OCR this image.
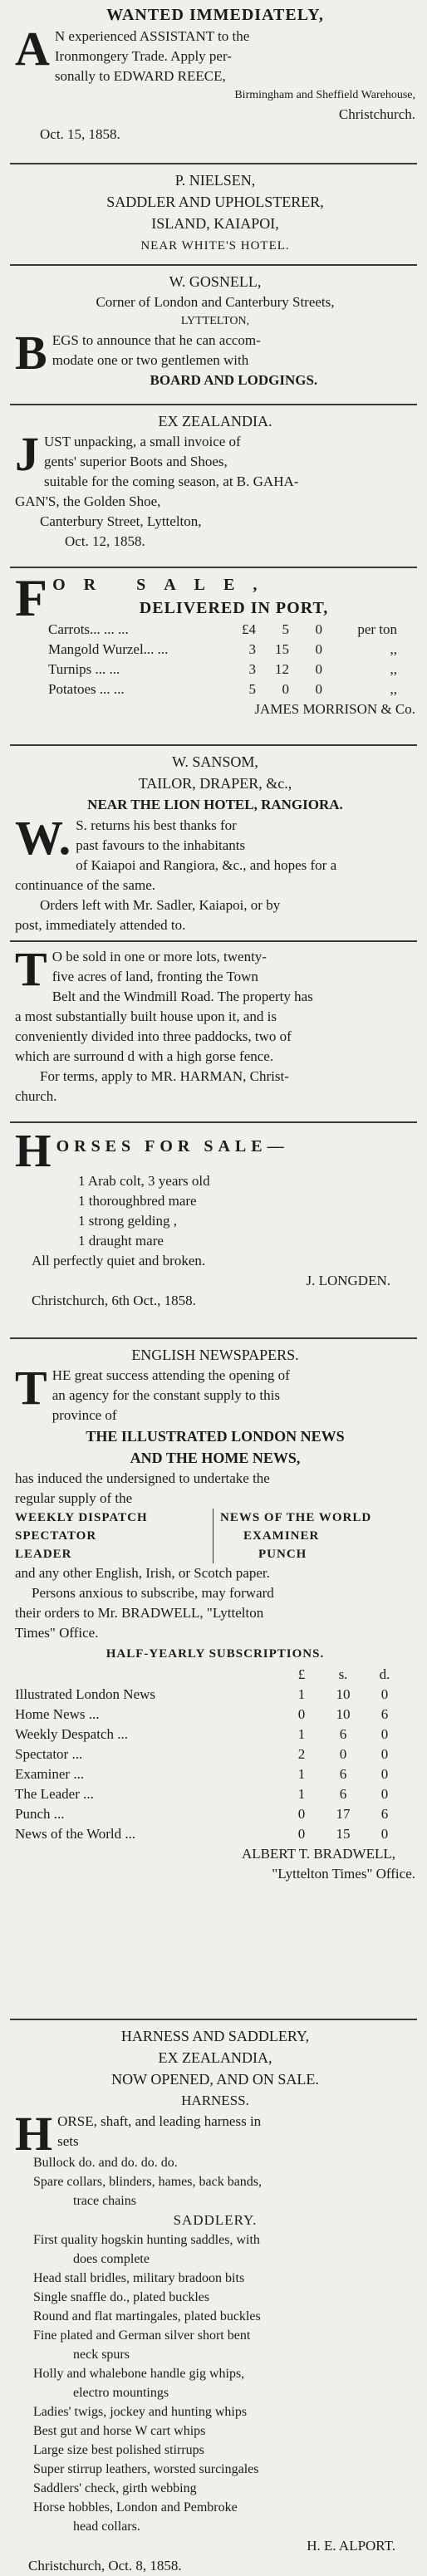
WANTED IMMEDIATELY,

A N experienced ASSISTANT to the

Ironmongery Trade. Apply per-

sonally to EDWARD REECE,

Birmingham and Sheffield Warehouse,

Christchurch.

Oct. 15, 1858.

P. NIELSEN,

SADDLER AND UPHOLSTERER,

ISLAND, KAIAPOI,

NEAR WHITE'S HOTEL.

W. GOSNELL,

Corner of London and Canterbury Streets,

LYTTELTON,

B EGS to announce that he can accom-

modate one or two gentlemen with

BOARD AND LODGINGS.

EX ZEALANDIA.

J UST unpacking, a small invoice of

gents' superior Boots and Shoes,

suitable for the coming season, at B. GAHA-

GAN'S, the Golden Shoe,

Canterbury Street, Lyttelton,

Oct. 12, 1858.

F OR SALE,

DELIVERED IN PORT,

Carrots... ... ...	£4	5	0	per ton
Mangold Wurzel... ...	3	15	0	,,
Turnips ... ...	3	12	0	,,
Potatoes ... ...	5	0	0	,,

JAMES MORRISON & Co.

W. SANSOM,

TAILOR, DRAPER, &c.,

NEAR THE LION HOTEL, RANGIORA.

W. S. returns his best thanks for

past favours to the inhabitants

of Kaiapoi and Rangiora, &c., and hopes for a

continuance of the same.

Orders left with Mr. Sadler, Kaiapoi, or by

post, immediately attended to.

T O be sold in one or more lots, twenty-

five acres of land, fronting the Town

Belt and the Windmill Road. The property has

a most substantially built house upon it, and is

conveniently divided into three paddocks, two of

which are surround d with a high gorse fence.

For terms, apply to MR. HARMAN, Christ-

church.

H ORSES FOR SALE—

1 Arab colt, 3 years old

1 thoroughbred mare

1 strong gelding ,

1 draught mare

All perfectly quiet and broken.

J. LONGDEN.

Christchurch, 6th Oct., 1858.

ENGLISH NEWSPAPERS.

T HE great success attending the opening of

an agency for the constant supply to this

province of

THE ILLUSTRATED LONDON NEWS

AND THE HOME NEWS,

has induced the undersigned to undertake the

regular supply of the

WEEKLY DISPATCH

SPECTATOR

LEADER

NEWS OF THE WORLD

EXAMINER

PUNCH

and any other English, Irish, or Scotch paper.

Persons anxious to subscribe, may forward

their orders to Mr. BRADWELL, "Lyttelton

Times" Office.

HALF-YEARLY SUBSCRIPTIONS.

	£	s.	d.
Illustrated London News	1	10	0
Home News ...	0	10	6
Weekly Despatch ...	1	6	0
Spectator ...	2	0	0
Examiner ...	1	6	0
The Leader ...	1	6	0
Punch ...	0	17	6
News of the World ...	0	15	0

ALBERT T. BRADWELL,

"Lyttelton Times" Office.

HARNESS AND SADDLERY,

EX ZEALANDIA,

NOW OPENED, AND ON SALE.

HARNESS.

H ORSE, shaft, and leading harness in

sets

Bullock do. and do. do. do.

Spare collars, blinders, hames, back bands,

trace chains

SADDLERY.

First quality hogskin hunting saddles, with

does complete

Head stall bridles, military bradoon bits

Single snaffle do., plated buckles

Round and flat martingales, plated buckles

Fine plated and German silver short bent

neck spurs

Holly and whalebone handle gig whips,

electro mountings

Ladies' twigs, jockey and hunting whips

Best gut and horse W cart whips

Large size best polished stirrups

Super stirrup leathers, worsted surcingales

Saddlers' check, girth webbing

Horse hobbles, London and Pembroke

head collars.

H. E. ALPORT.

Christchurch, Oct. 8, 1858.
